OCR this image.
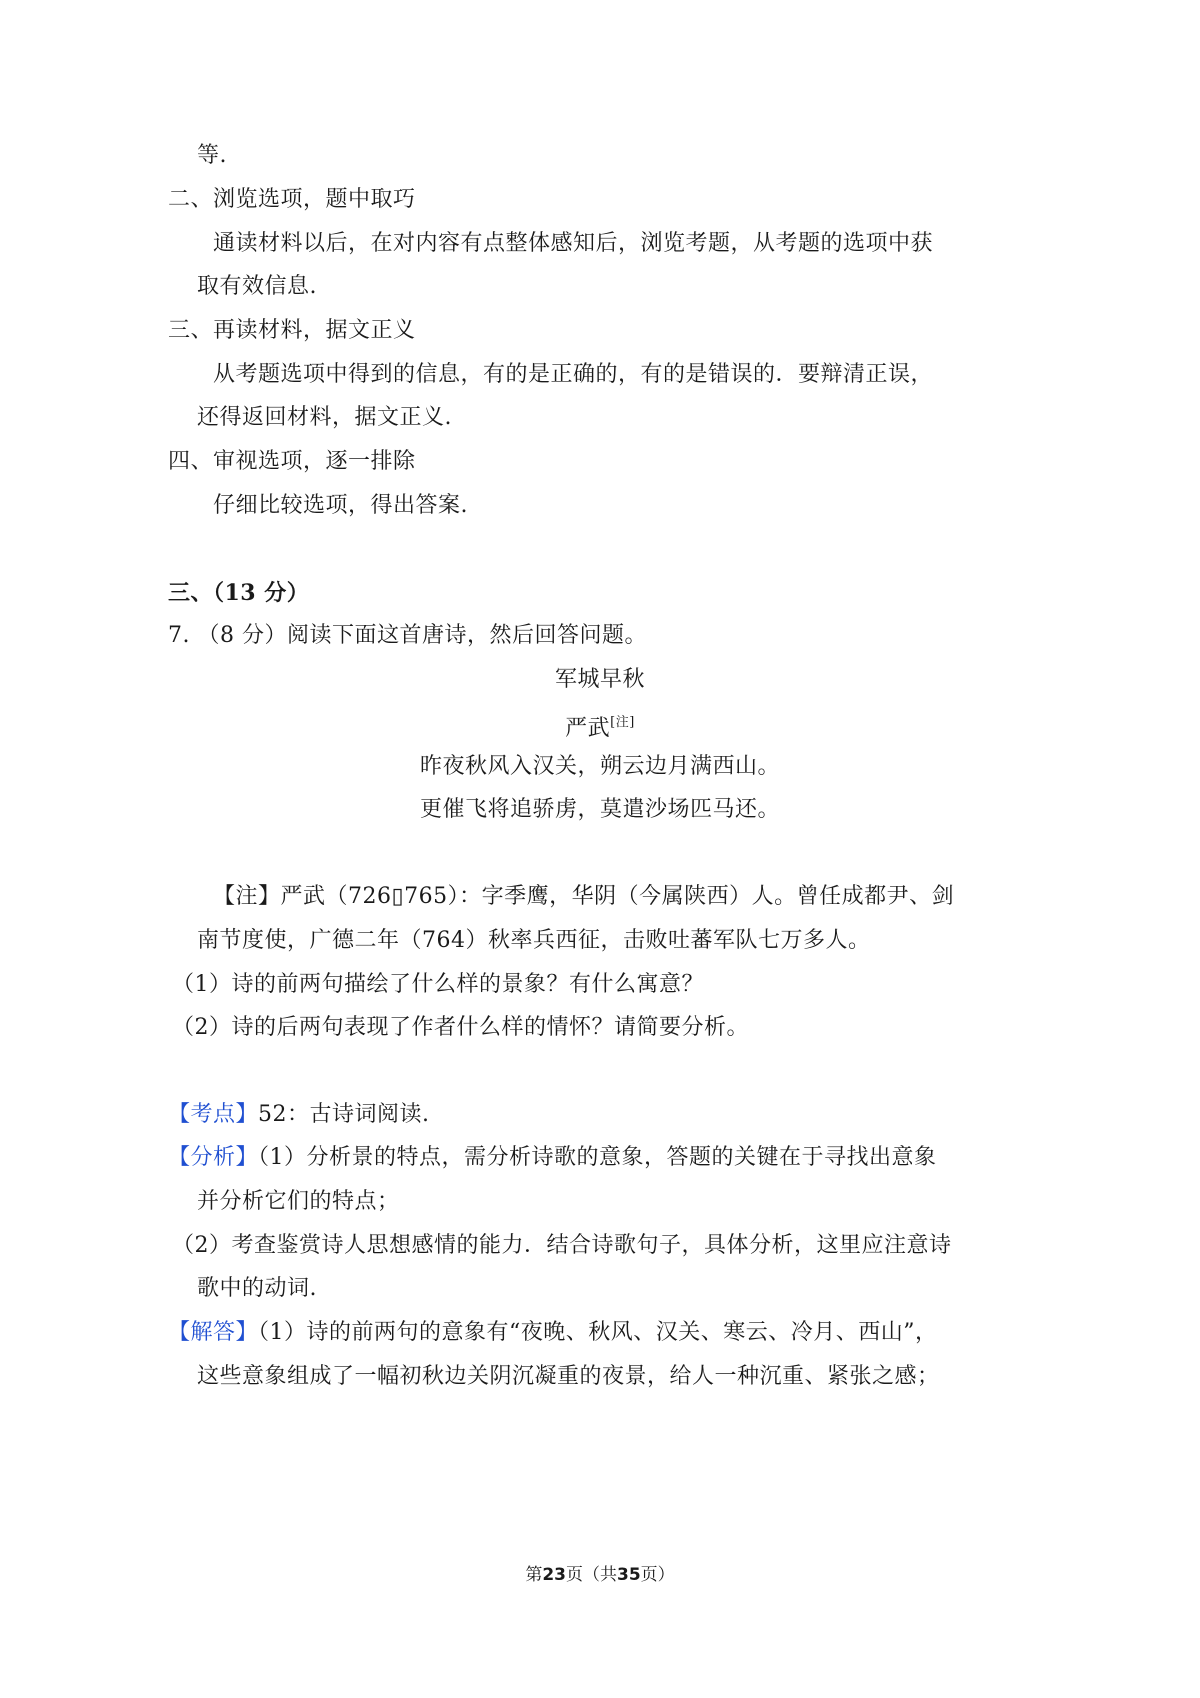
等.
二、浏览选项，题中取巧
通读材料以后，在对内容有点整体感知后，浏览考题，从考题的选项中获
取有效信息.
三、再读材料，据文正义
从考题选项中得到的信息，有的是正确的，有的是错误的．要辩清正误，
还得返回材料，据文正义.
四、审视选项，逐一排除
仔细比较选项，得出答案.
三、（13 分）
7. （8 分）阅读下面这首唐诗，然后回答问题。
军城早秋
严武[注]
昨夜秋风入汉关，朔云边月满西山。
更催飞将追骄虏，莫遣沙场匹马还。
【注】严武（726▯765）：字季鹰，华阴（今属陕西）人。曾任成都尹、剑
南节度使，广德二年（764）秋率兵西征，击败吐蕃军队七万多人。
（1）诗的前两句描绘了什么样的景象？有什么寓意？
（2）诗的后两句表现了作者什么样的情怀？请简要分析。
【考点】52：古诗词阅读.
【分析】（1）分析景的特点，需分析诗歌的意象，答题的关键在于寻找出意象
并分析它们的特点；
（2）考查鉴赏诗人思想感情的能力．结合诗歌句子，具体分析，这里应注意诗
歌中的动词.
【解答】（1）诗的前两句的意象有“夜晚、秋风、汉关、寒云、冷月、西山”，
这些意象组成了一幅初秋边关阴沉凝重的夜景，给人一种沉重、紧张之感；
第23页（共35页）
